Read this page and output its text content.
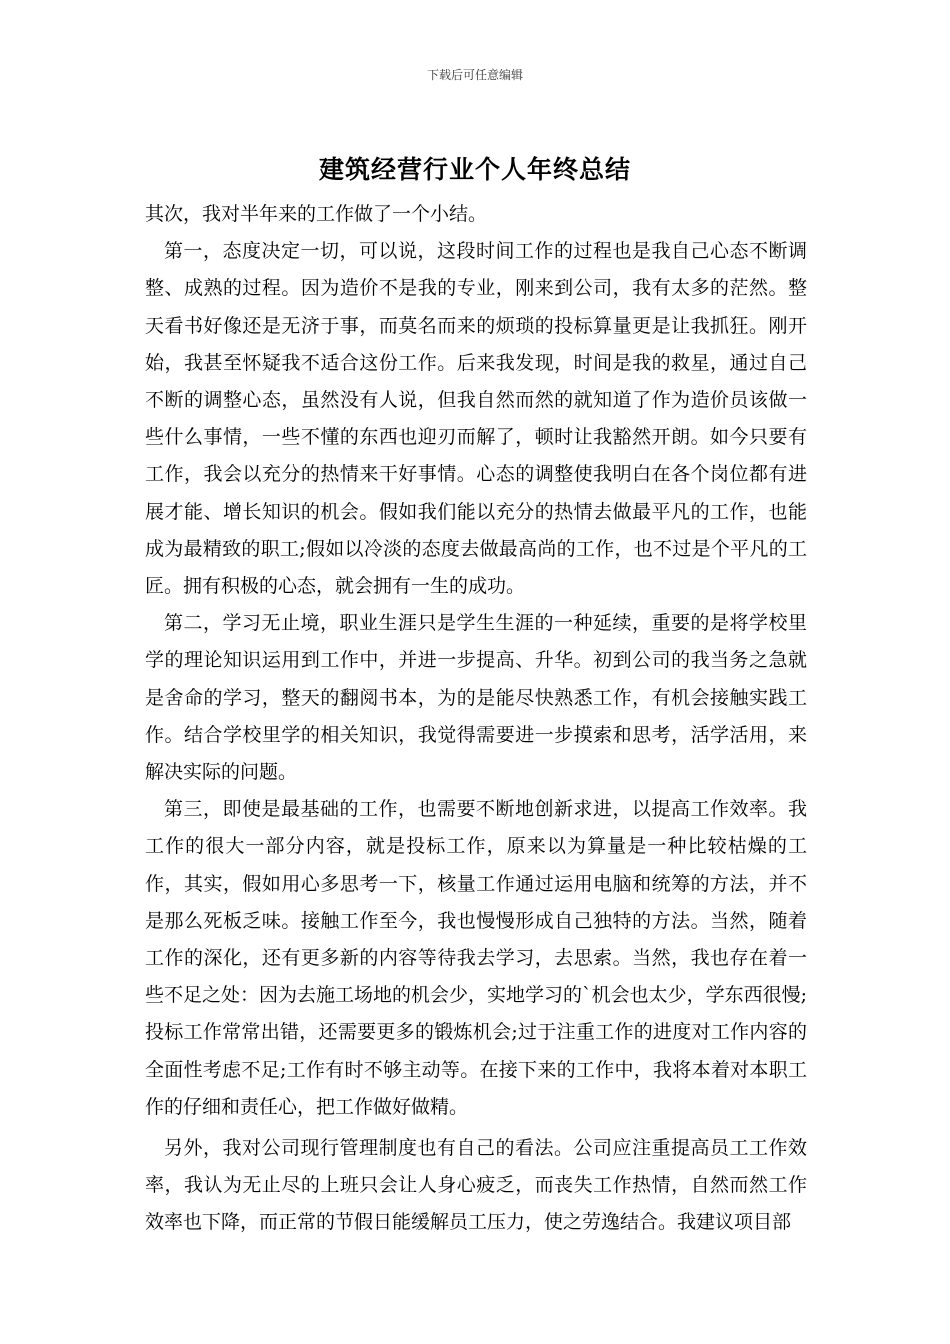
下载后可任意编辑
建筑经营行业个人年终总结

其次，我对半年来的工作做了一个小结。

第一，态度决定一切，可以说，这段时间工作的过程也是我自己心态不断调整、成熟的过程。因为造价不是我的专业，刚来到公司，我有太多的茫然。整天看书好像还是无济于事，而莫名而来的烦琐的投标算量更是让我抓狂。刚开始，我甚至怀疑我不适合这份工作。后来我发现，时间是我的救星，通过自己不断的调整心态，虽然没有人说，但我自然而然的就知道了作为造价员该做一些什么事情，一些不懂的东西也迎刃而解了，顿时让我豁然开朗。如今只要有工作，我会以充分的热情来干好事情。心态的调整使我明白在各个岗位都有进展才能、增长知识的机会。假如我们能以充分的热情去做最平凡的工作，也能成为最精致的职工;假如以冷淡的态度去做最高尚的工作，也不过是个平凡的工匠。拥有积极的心态，就会拥有一生的成功。

第二，学习无止境，职业生涯只是学生生涯的一种延续，重要的是将学校里学的理论知识运用到工作中，并进一步提高、升华。初到公司的我当务之急就是舍命的学习，整天的翻阅书本，为的是能尽快熟悉工作，有机会接触实践工作。结合学校里学的相关知识，我觉得需要进一步摸索和思考，活学活用，来解决实际的问题。

第三，即使是最基础的工作，也需要不断地创新求进，以提高工作效率。我工作的很大一部分内容，就是投标工作，原来以为算量是一种比较枯燥的工作，其实，假如用心多思考一下，核量工作通过运用电脑和统筹的方法，并不是那么死板乏味。接触工作至今，我也慢慢形成自己独特的方法。当然，随着工作的深化，还有更多新的内容等待我去学习，去思索。当然，我也存在着一些不足之处：因为去施工场地的机会少，实地学习的`机会也太少，学东西很慢;投标工作常常出错，还需要更多的锻炼机会;过于注重工作的进度对工作内容的全面性考虑不足;工作有时不够主动等。在接下来的工作中，我将本着对本职工作的仔细和责任心，把工作做好做精。

另外，我对公司现行管理制度也有自己的看法。公司应注重提高员工工作效率，我认为无止尽的上班只会让人身心疲乏，而丧失工作热情，自然而然工作效率也下降，而正常的节假日能缓解员工压力，使之劳逸结合。我建议项目部
